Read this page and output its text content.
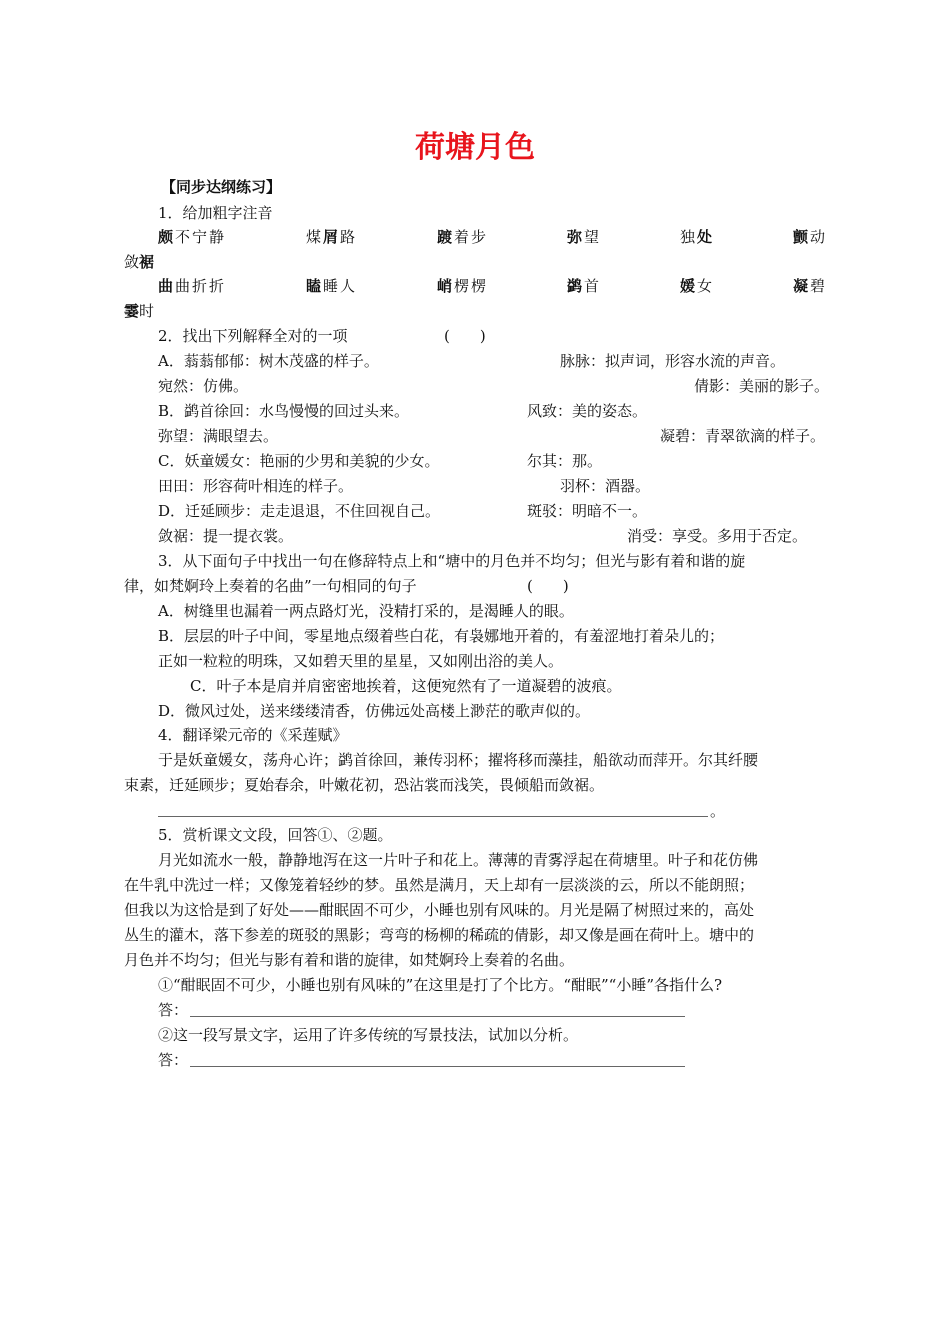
荷塘月色
【同步达纲练习】
1．给加粗字注音
颇不宁静	煤屑路	踱着步	弥望	独处	颤动
敛裾
曲曲折折	瞌睡人	峭楞楞	鹢首	媛女	凝碧
霎时
2．找出下列解释全对的一项	(　　)
A．蓊蓊郁郁：树木茂盛的样子。	脉脉：拟声词，形容水流的声音。
宛然：仿佛。	倩影：美丽的影子。
B．鹢首徐回：水鸟慢慢的回过头来。	风致：美的姿态。
弥望：满眼望去。	凝碧：青翠欲滴的样子。
C．妖童媛女：艳丽的少男和美貌的少女。	尔其：那。
田田：形容荷叶相连的样子。	羽杯：酒器。
D．迁延顾步：走走退退，不住回视自己。	斑驳：明暗不一。
敛裾：提一提衣裳。	消受：享受。多用于否定。
3．从下面句子中找出一句在修辞特点上和“塘中的月色并不均匀；但光与影有着和谐的旋
律，如梵婀玲上奏着的名曲”一句相同的句子	(　　)
A．树缝里也漏着一两点路灯光，没精打采的，是渴睡人的眼。
B．层层的叶子中间，零星地点缀着些白花，有袅娜地开着的，有羞涩地打着朵儿的；
正如一粒粒的明珠，又如碧天里的星星，又如刚出浴的美人。
C．叶子本是肩并肩密密地挨着，这便宛然有了一道凝碧的波痕。
D．微风过处，送来缕缕清香，仿佛远处高楼上渺茫的歌声似的。
4．翻译梁元帝的《采莲赋》
于是妖童媛女，荡舟心许；鹢首徐回，兼传羽杯；擢将移而藻挂，船欲动而萍开。尔其纤腰
束素，迁延顾步；夏始春余，叶嫩花初，恐沾裳而浅笑，畏倾船而敛裾。
。
5．赏析课文文段，回答①、②题。
月光如流水一般，静静地泻在这一片叶子和花上。薄薄的青雾浮起在荷塘里。叶子和花仿佛
在牛乳中洗过一样；又像笼着轻纱的梦。虽然是满月，天上却有一层淡淡的云，所以不能朗照；
但我以为这恰是到了好处——酣眠固不可少，小睡也别有风味的。月光是隔了树照过来的，高处
丛生的灌木，落下参差的斑驳的黑影；弯弯的杨柳的稀疏的倩影，却又像是画在荷叶上。塘中的
月色并不均匀；但光与影有着和谐的旋律，如梵婀玲上奏着的名曲。
①“酣眠固不可少，小睡也别有风味的”在这里是打了个比方。“酣眠”“小睡”各指什么?
答：
②这一段写景文字，运用了许多传统的写景技法，试加以分析。
答：
